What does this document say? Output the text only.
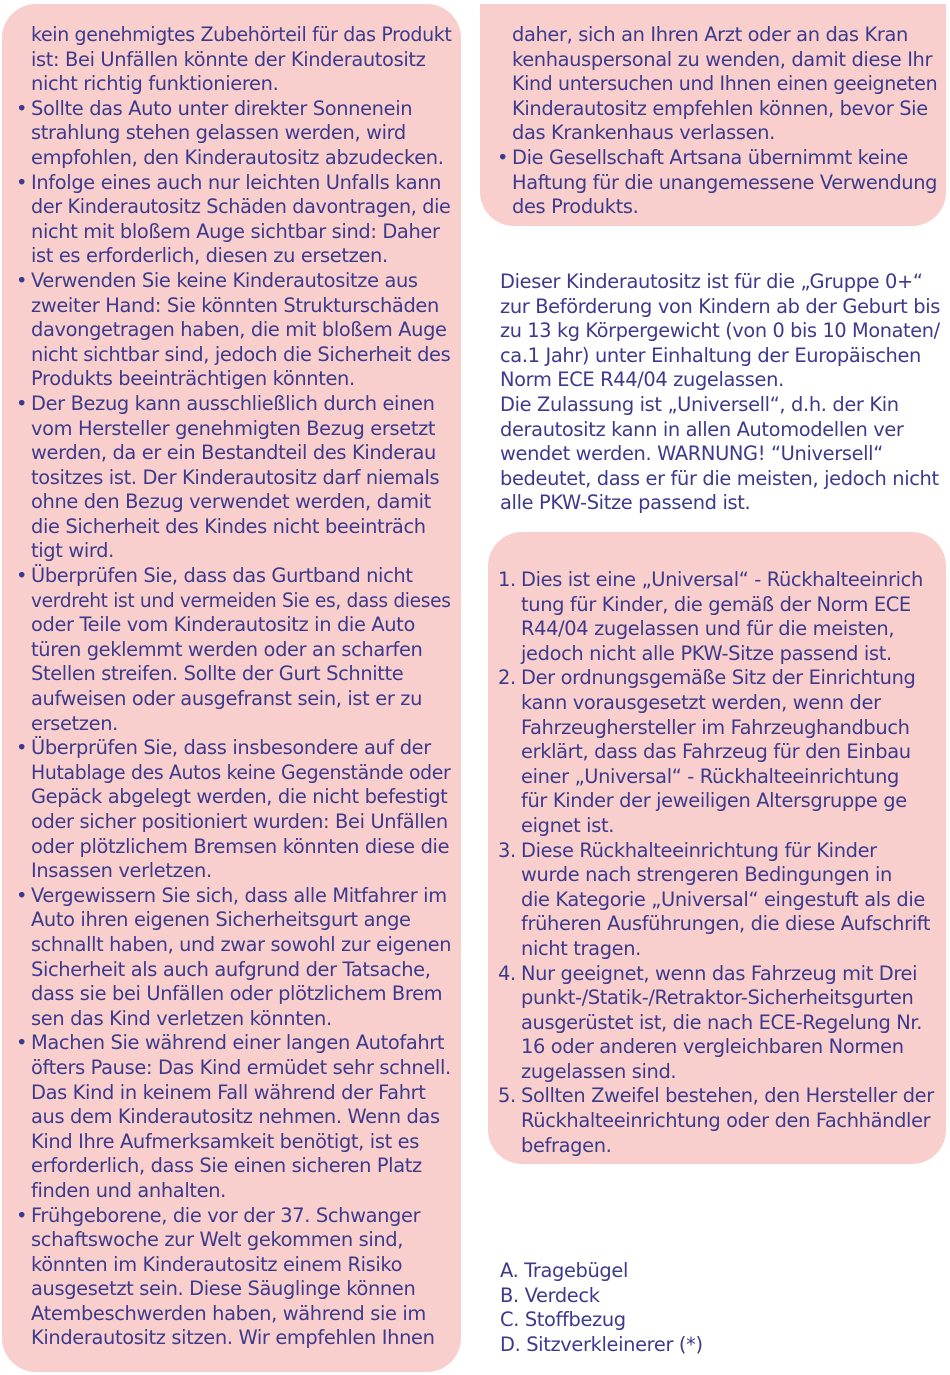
kein genehmigtes Zubehörteil für das Produkt

ist: Bei Unfällen könnte der Kinderautositz

nicht richtig funktionieren.

• Sollte das Auto unter direkter Sonnenein

strahlung stehen gelassen werden, wird

empfohlen, den Kinderautositz abzudecken.

• Infolge eines auch nur leichten Unfalls kann

der Kinderautositz Schäden davontragen, die

nicht mit bloßem Auge sichtbar sind: Daher

ist es erforderlich, diesen zu ersetzen.

• Verwenden Sie keine Kinderautositze aus

zweiter Hand: Sie könnten Strukturschäden

davongetragen haben, die mit bloßem Auge

nicht sichtbar sind, jedoch die Sicherheit des

Produkts beeinträchtigen könnten.

• Der Bezug kann ausschließlich durch einen

vom Hersteller genehmigten Bezug ersetzt

werden, da er ein Bestandteil des Kinderau

tositzes ist. Der Kinderautositz darf niemals

ohne den Bezug verwendet werden, damit

die Sicherheit des Kindes nicht beeinträch

tigt wird.

• Überprüfen Sie, dass das Gurtband nicht

verdreht ist und vermeiden Sie es, dass dieses

oder Teile vom Kinderautositz in die Auto

türen geklemmt werden oder an scharfen

Stellen streifen. Sollte der Gurt Schnitte

aufweisen oder ausgefranst sein, ist er zu

ersetzen.

• Überprüfen Sie, dass insbesondere auf der

Hutablage des Autos keine Gegenstände oder

Gepäck abgelegt werden, die nicht befestigt

oder sicher positioniert wurden: Bei Unfällen

oder plötzlichem Bremsen könnten diese die

Insassen verletzen.

• Vergewissern Sie sich, dass alle Mitfahrer im

Auto ihren eigenen Sicherheitsgurt ange

schnallt haben, und zwar sowohl zur eigenen

Sicherheit als auch aufgrund der Tatsache,

dass sie bei Unfällen oder plötzlichem Brem

sen das Kind verletzen könnten.

• Machen Sie während einer langen Autofahrt

öfters Pause: Das Kind ermüdet sehr schnell.

Das Kind in keinem Fall während der Fahrt

aus dem Kinderautositz nehmen. Wenn das

Kind Ihre Aufmerksamkeit benötigt, ist es

erforderlich, dass Sie einen sicheren Platz

finden und anhalten.

• Frühgeborene, die vor der 37. Schwanger

schaftswoche zur Welt gekommen sind,

könnten im Kinderautositz einem Risiko

ausgesetzt sein. Diese Säuglinge können

Atembeschwerden haben, während sie im

Kinderautositz sitzen. Wir empfehlen Ihnen

daher, sich an Ihren Arzt oder an das Kran

kenhauspersonal zu wenden, damit diese Ihr

Kind untersuchen und Ihnen einen geeigneten

Kinderautositz empfehlen können, bevor Sie

das Krankenhaus verlassen.

• Die Gesellschaft Artsana übernimmt keine

Haftung für die unangemessene Verwendung

des Produkts.

Dieser Kinderautositz ist für die „Gruppe 0+“

zur Beförderung von Kindern ab der Geburt bis

zu 13 kg Körpergewicht (von 0 bis 10 Monaten/

ca.1 Jahr) unter Einhaltung der Europäischen

Norm ECE R44/04 zugelassen.

Die Zulassung ist „Universell“, d.h. der Kin

derautositz kann in allen Automodellen ver

wendet werden. WARNUNG! “Universell“

bedeutet, dass er für die meisten, jedoch nicht

alle PKW-Sitze passend ist.

1. Dies ist eine „Universal“ - Rückhalteeinrich

tung für Kinder, die gemäß der Norm ECE

R44/04 zugelassen und für die meisten,

jedoch nicht alle PKW-Sitze passend ist.

2. Der ordnungsgemäße Sitz der Einrichtung

kann vorausgesetzt werden, wenn der

Fahrzeughersteller im Fahrzeughandbuch

erklärt, dass das Fahrzeug für den Einbau

einer „Universal“ - Rückhalteeinrichtung

für Kinder der jeweiligen Altersgruppe ge

eignet ist.

3. Diese Rückhalteeinrichtung für Kinder

wurde nach strengeren Bedingungen in

die Kategorie „Universal“ eingestuft als die

früheren Ausführungen, die diese Aufschrift

nicht tragen.

4. Nur geeignet, wenn das Fahrzeug mit Drei

punkt-/Statik-/Retraktor-Sicherheitsgurten

ausgerüstet ist, die nach ECE-Regelung Nr.

16 oder anderen vergleichbaren Normen

zugelassen sind.

5. Sollten Zweifel bestehen, den Hersteller der

Rückhalteeinrichtung oder den Fachhändler

befragen.

A. Tragebügel

B. Verdeck

C. Stoffbezug

D. Sitzverkleinerer (*)
